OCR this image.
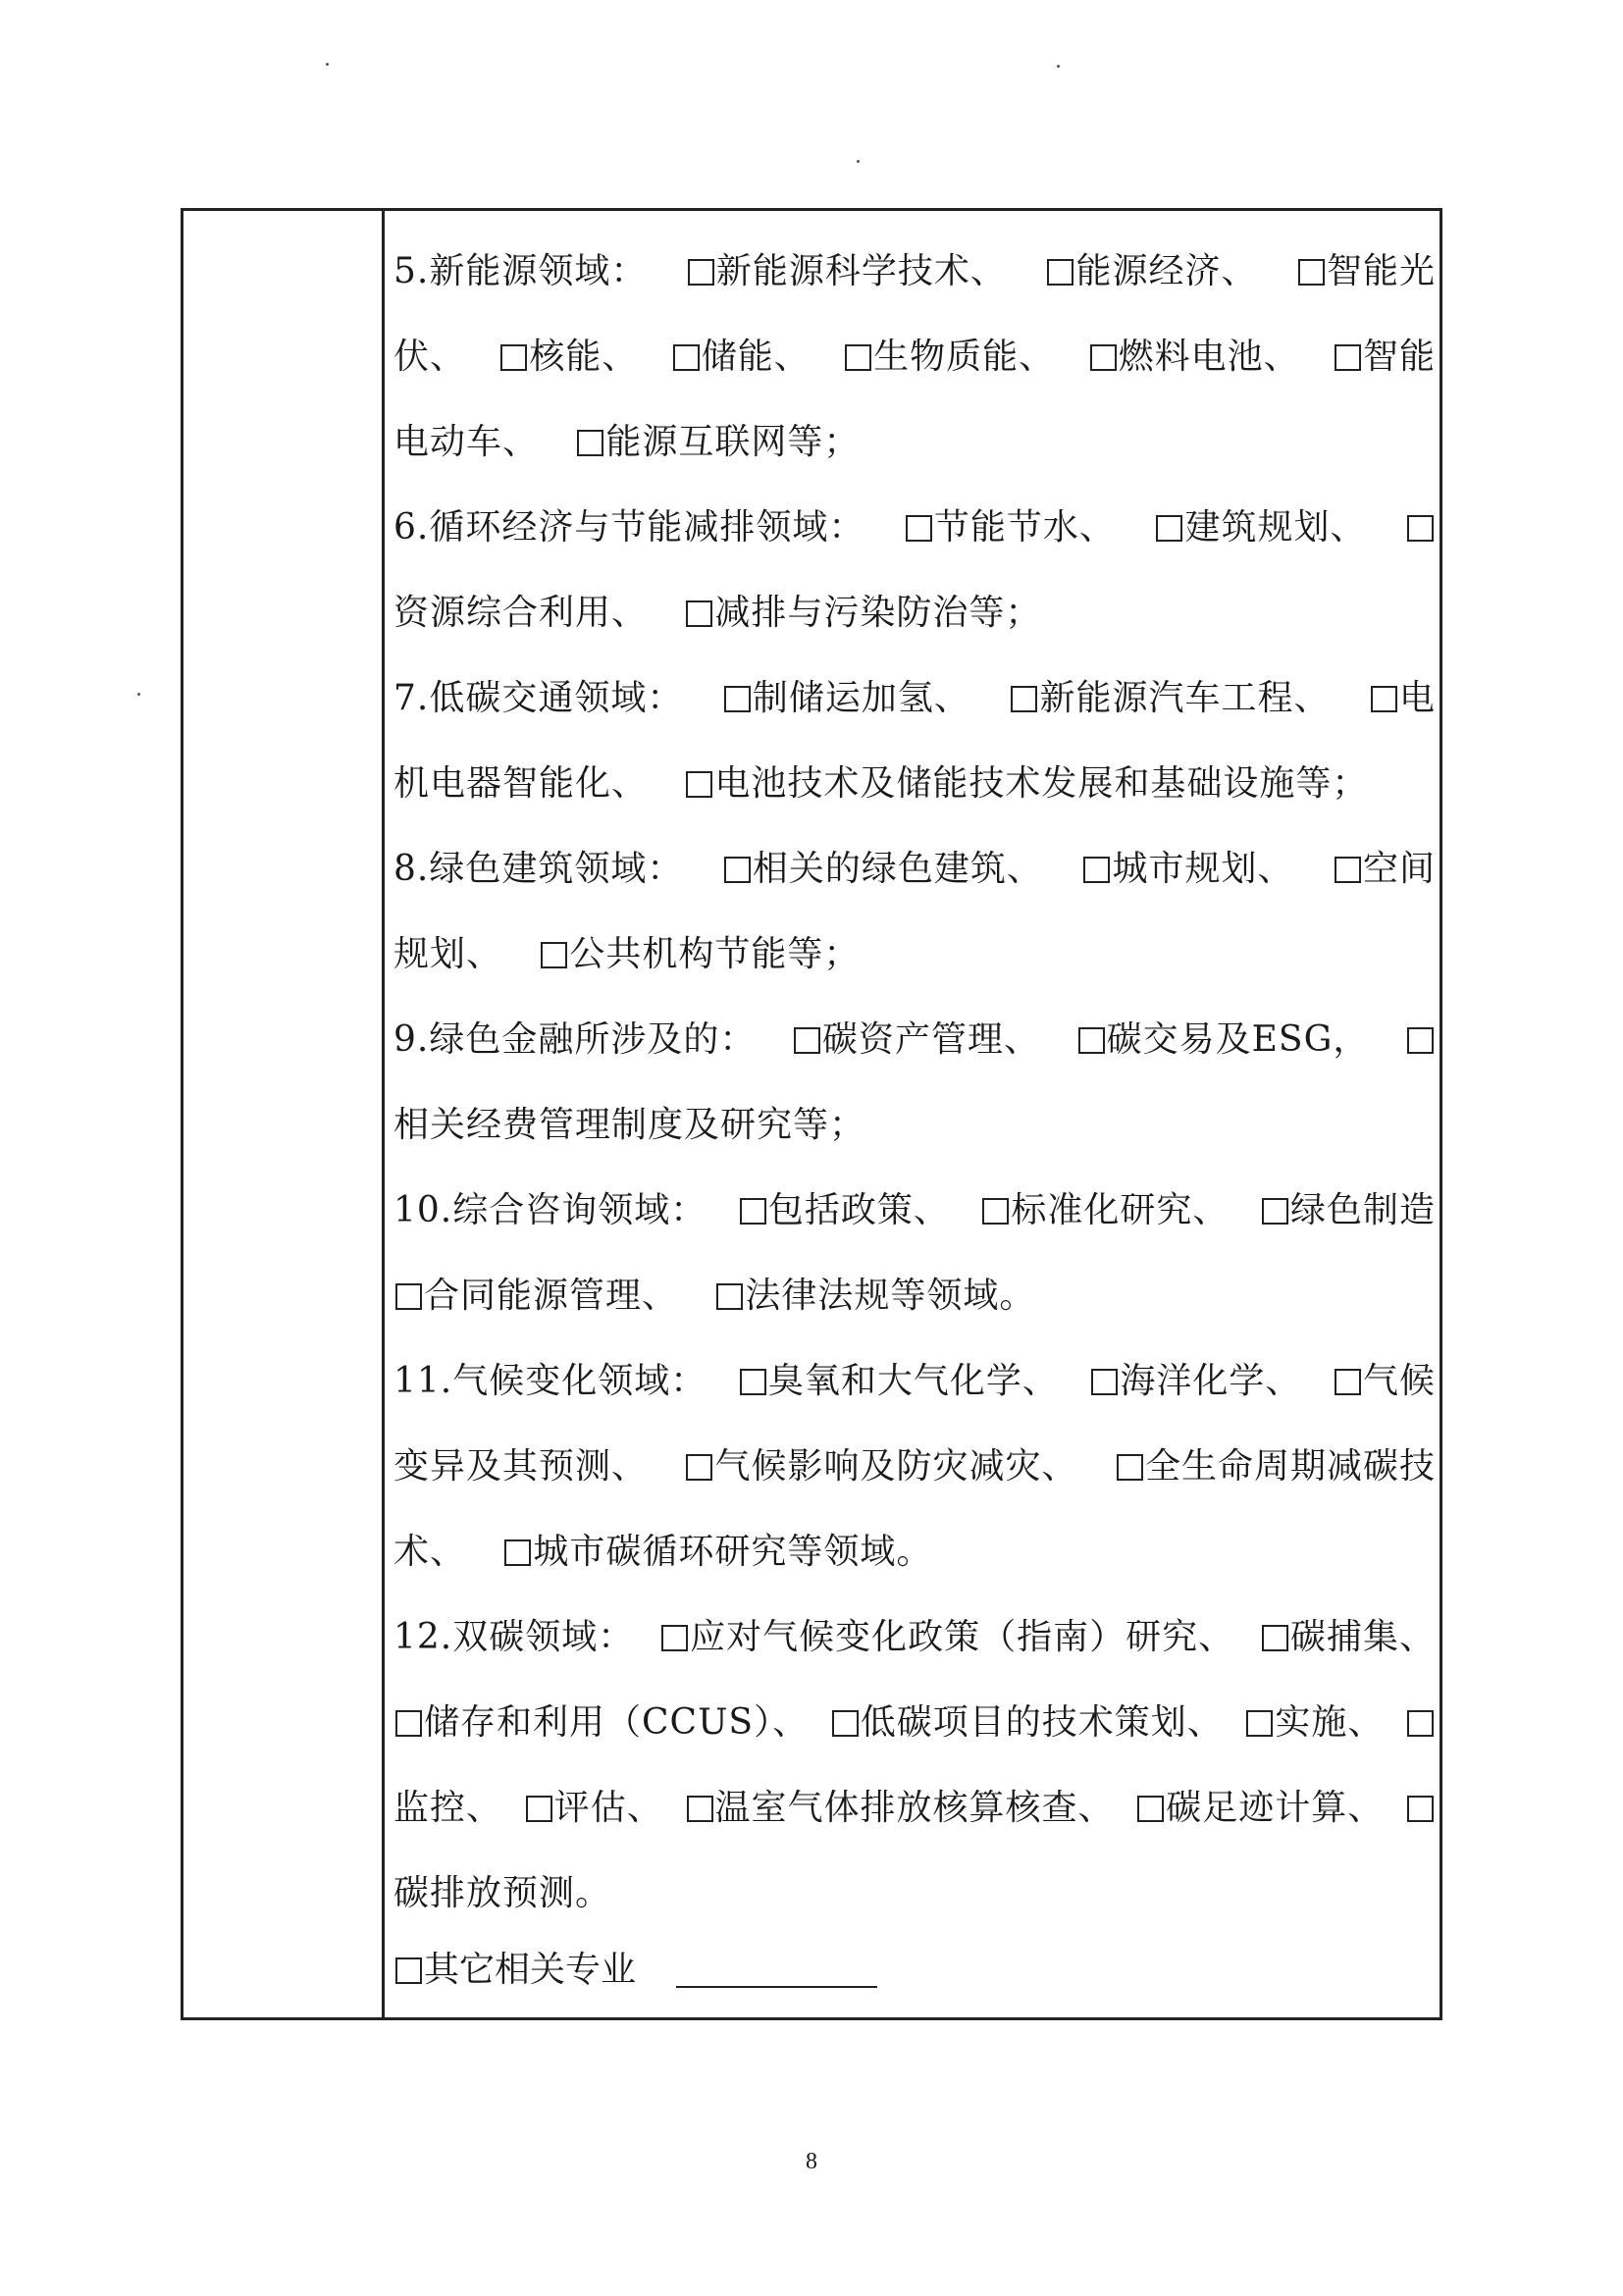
5.新能源领域：	新能源科学技术、	能源经济、	智能光
伏、	核能、	储能、	生物质能、	燃料电池、	智能
电动车、 能源互联网等；
6.循环经济与节能减排领域：	节能节水、	建筑规划、
资源综合利用、 减排与污染防治等；
7.低碳交通领域：	制储运加氢、	新能源汽车工程、	电
机电器智能化、 电池技术及储能技术发展和基础设施等；
8.绿色建筑领域：	相关的绿色建筑、	城市规划、	空间
规划、 公共机构节能等；
9.绿色金融所涉及的：	碳资产管理、	碳交易及ESG，
相关经费管理制度及研究等；
10.综合咨询领域：	包括政策、	标准化研究、	绿色制造
合同能源管理、 法律法规等领域。
11.气候变化领域：	臭氧和大气化学、	海洋化学、	气候
变异及其预测、	气候影响及防灾减灾、	全生命周期减碳技
术、 城市碳循环研究等领域。
12.双碳领域：	应对气候变化政策（指南）研究、	碳捕集、
储存和利用（CCUS）、	低碳项目的技术策划、	实施、
监控、	评估、	温室气体排放核算核查、	碳足迹计算、
碳排放预测。
其它相关专业
8
